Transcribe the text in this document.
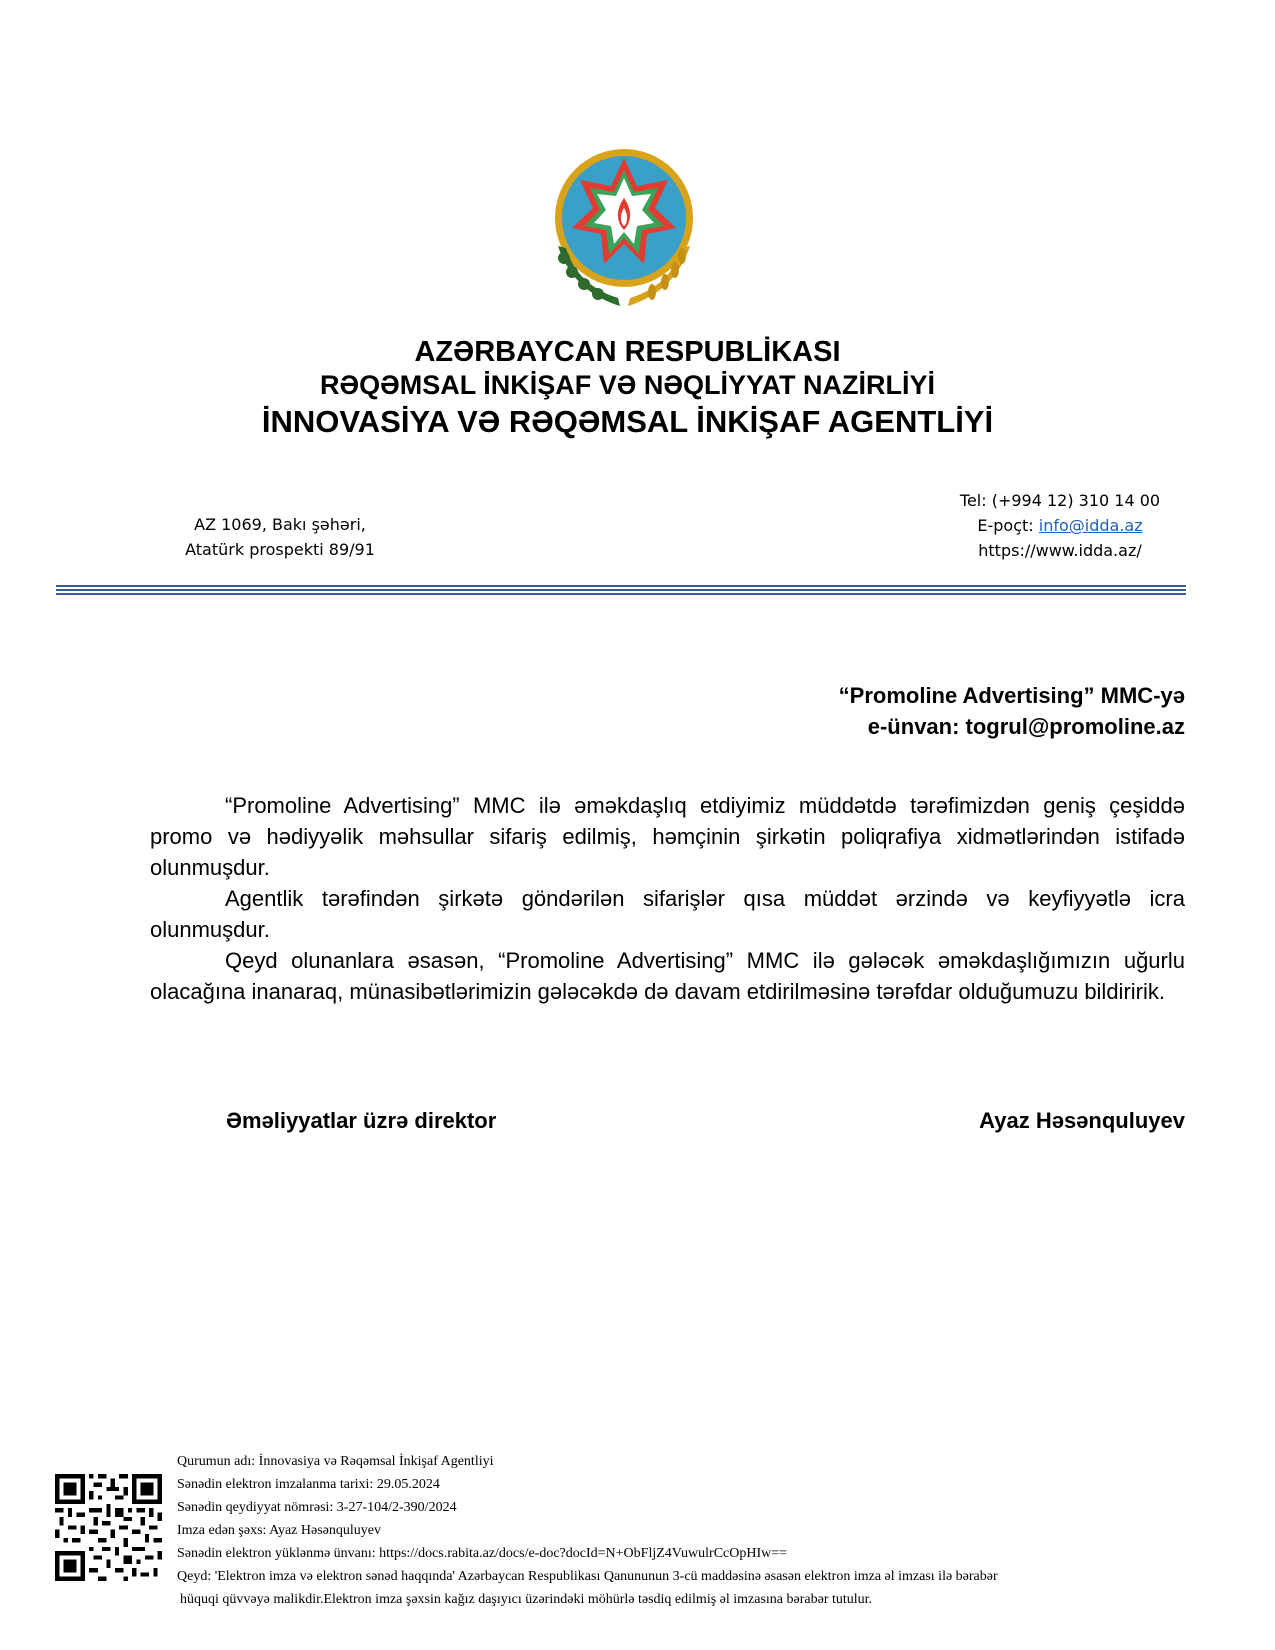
AZƏRBAYCAN RESPUBLİKASI
RƏQƏMSAL İNKİŞAF VƏ NƏQLİYYAT NAZİRLİYİ
İNNOVASİYA VƏ RƏQƏMSAL İNKİŞAF AGENTLİYİ
AZ 1069, Bakı şəhəri,
Atatürk prospekti 89/91
Tel: (+994 12) 310 14 00
E-poçt: info@idda.az
https://www.idda.az/
“Promoline Advertising” MMC-yə
e-ünvan: togrul@promoline.az

“Promoline Advertising” MMC ilə əməkdaşlıq etdiyimiz müddətdə tərəfimizdən geniş çeşiddə promo və hədiyyəlik məhsullar sifariş edilmiş, həmçinin şirkətin poliqrafiya xidmətlərindən istifadə olunmuşdur.

Agentlik tərəfindən şirkətə göndərilən sifarişlər qısa müddət ərzində və keyfiyyətlə icra olunmuşdur.

Qeyd olunanlara əsasən, “Promoline Advertising” MMC ilə gələcək əməkdaşlığımızın uğurlu olacağına inanaraq, münasibətlərimizin gələcəkdə də davam etdirilməsinə tərəfdar olduğumuzu bildiririk.

Əməliyyatlar üzrə direktor	Ayaz Həsənquluyev
Qurumun adı: İnnovasiya və Rəqəmsal İnkişaf Agentliyi
Sənədin elektron imzalanma tarixi: 29.05.2024
Sənədin qeydiyyat nömrəsi: 3-27-104/2-390/2024
Imza edən şəxs: Ayaz Həsənquluyev
Sənədin elektron yüklənmə ünvanı: https://docs.rabita.az/docs/e-doc?docId=N+ObFljZ4VuwulrCcOpHIw==
Qeyd: 'Elektron imza və elektron sənəd haqqında' Azərbaycan Respublikası Qanununun 3-cü maddəsinə əsasən elektron imza əl imzası ilə bərabər
hüquqi qüvvəyə malikdir.Elektron imza şəxsin kağız daşıyıcı üzərindəki möhürlə təsdiq edilmiş əl imzasına bərabər tutulur.
